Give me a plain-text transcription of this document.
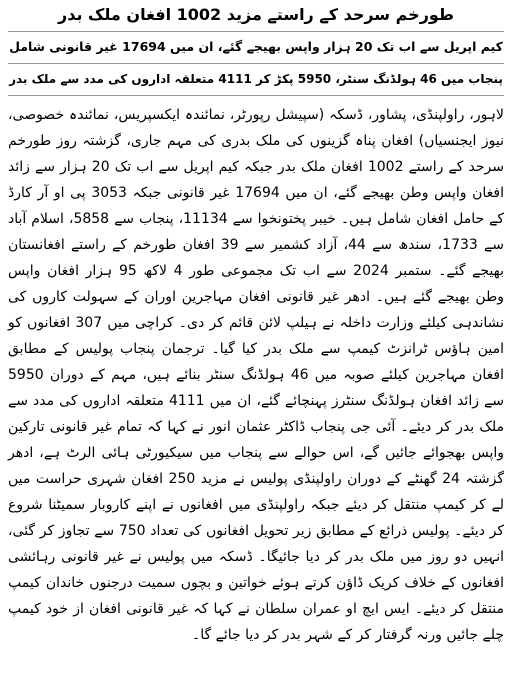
طورخم سرحد کے راستے مزید 1002 افغان ملک بدر
کیم اپریل سے اب تک 20 ہزار واپس بھیجے گئے، ان میں 17694 غیر قانونی شامل
پنجاب میں 46 ہولڈنگ سنٹر، 5950 پکڑ کر 4111 متعلقہ اداروں کی مدد سے ملک بدر

لاہور، راولپنڈی، پشاور، ڈسکہ (سپیشل رپورٹر، نمائندہ ایکسپریس، نمائندہ خصوصی، نیوز ایجنسیاں) افغان پناہ گزینوں کی ملک بدری کی مہم جاری، گزشتہ روز طورخم سرحد کے راستے 1002 افغان ملک بدر جبکہ کیم اپریل سے اب تک 20 ہزار سے زائد افغان واپس وطن بھیجے گئے، ان میں 17694 غیر قانونی جبکہ 3053 پی او آر کارڈ کے حامل افغان شامل ہیں۔ خیبر پختونخوا سے 11134، پنجاب سے 5858، اسلام آباد سے 1733، سندھ سے 44، آزاد کشمیر سے 39 افغان طورخم کے راستے افغانستان بھیجے گئے۔ ستمبر 2024 سے اب تک مجموعی طور 4 لاکھ 95 ہزار افغان واپس وطن بھیجے گئے ہیں۔ ادھر غیر قانونی افغان مہاجرین اوران کے سہولت کاروں کی نشاندہی کیلئے وزارت داخلہ نے ہیلپ لائن قائم کر دی۔ کراچی میں 307 افغانوں کو امین ہاؤس ٹرانزٹ کیمپ سے ملک بدر کیا گیا۔ ترجمان پنجاب پولیس کے مطابق افغان مہاجرین کیلئے صوبہ میں 46 ہولڈنگ سنٹر بنائے ہیں، مہم کے دوران 5950 سے زائد افغان ہولڈنگ سنٹرز پہنچائے گئے، ان میں 4111 متعلقہ اداروں کی مدد سے ملک بدر کر دیئے۔ آئی جی پنجاب ڈاکٹر عثمان انور نے کہا کہ تمام غیر قانونی تارکین واپس بھجوائے جائیں گے، اس حوالے سے پنجاب میں سیکیورٹی ہائی الرٹ ہے، ادھر گزشتہ 24 گھنٹے کے دوران راولپنڈی پولیس نے مزید 250 افغان شہری حراست میں لے کر کیمپ منتقل کر دیئے جبکہ راولپنڈی میں افغانوں نے اپنے کاروبار سمیٹنا شروع کر دیئے۔ پولیس ذرائع کے مطابق زیر تحویل افغانوں کی تعداد 750 سے تجاوز کر گئی، انہیں دو روز میں ملک بدر کر دیا جائیگا۔ ڈسکہ میں پولیس نے غیر قانونی رہائشی افغانوں کے خلاف کریک ڈاؤن کرتے ہوئے خواتین و بچوں سمیت درجنوں خاندان کیمپ منتقل کر دیئے۔ ایس ایچ او عمران سلطان نے کہا کہ غیر قانونی افغان از خود کیمپ چلے جائیں ورنہ گرفتار کر کے شہر بدر کر دیا جائے گا۔
